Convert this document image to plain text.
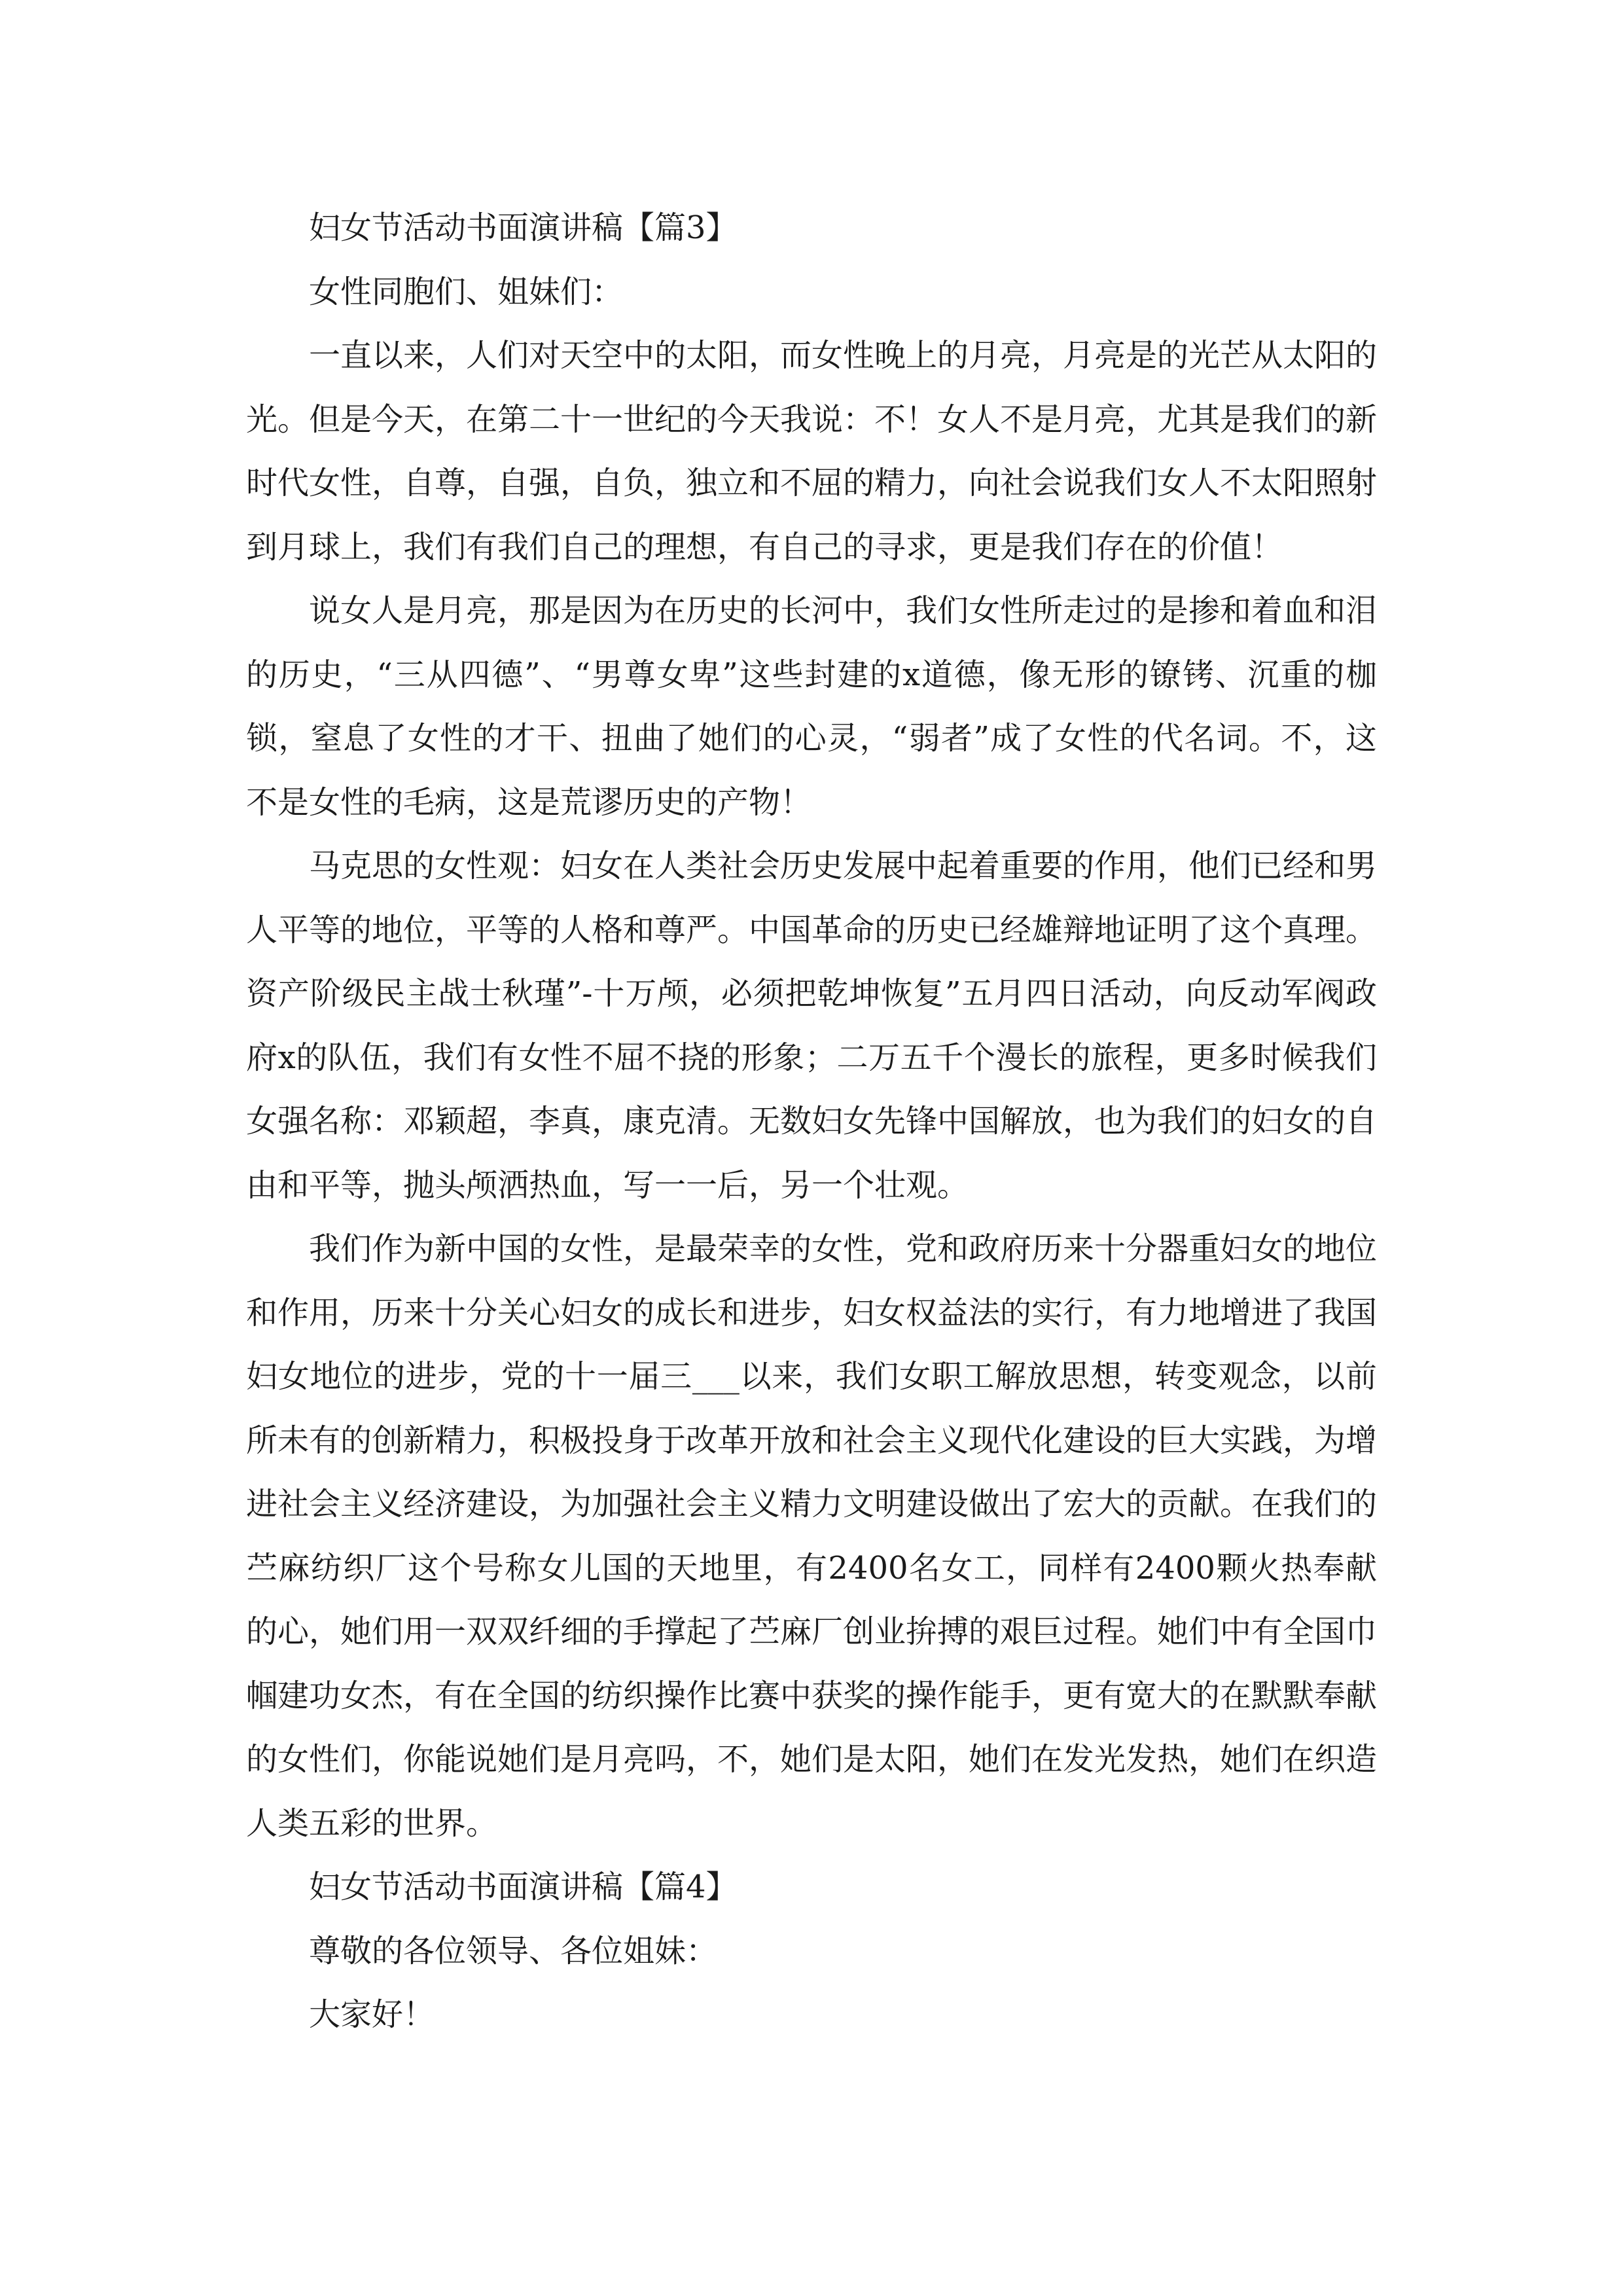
妇女节活动书面演讲稿【篇3】

女性同胞们、姐妹们：

一直以来，人们对天空中的太阳，而女性晚上的月亮，月亮是的光芒从太阳的光。但是今天，在第二十一世纪的今天我说：不！女人不是月亮，尤其是我们的新时代女性，自尊，自强，自负，独立和不屈的精力，向社会说我们女人不太阳照射到月球上，我们有我们自己的理想，有自己的寻求，更是我们存在的价值！

说女人是月亮，那是因为在历史的长河中，我们女性所走过的是掺和着血和泪的历史，“三从四德”、“男尊女卑”这些封建的x道德，像无形的镣铐、沉重的枷锁，窒息了女性的才干、扭曲了她们的心灵，“弱者”成了女性的代名词。不，这不是女性的毛病，这是荒谬历史的产物！

马克思的女性观：妇女在人类社会历史发展中起着重要的作用，他们已经和男人平等的地位，平等的人格和尊严。中国革命的历史已经雄辩地证明了这个真理。资产阶级民主战士秋瑾”-十万颅，必须把乾坤恢复”五月四日活动，向反动军阀政府x的队伍，我们有女性不屈不挠的形象；二万五千个漫长的旅程，更多时候我们女强名称：邓颖超，李真，康克清。无数妇女先锋中国解放，也为我们的妇女的自由和平等，抛头颅洒热血，写一一后，另一个壮观。

我们作为新中国的女性，是最荣幸的女性，党和政府历来十分器重妇女的地位和作用，历来十分关心妇女的成长和进步，妇女权益法的实行，有力地增进了我国妇女地位的进步，党的十一届三___以来，我们女职工解放思想，转变观念，以前所未有的创新精力，积极投身于改革开放和社会主义现代化建设的巨大实践，为增进社会主义经济建设，为加强社会主义精力文明建设做出了宏大的贡献。在我们的苎麻纺织厂这个号称女儿国的天地里，有2400名女工，同样有2400颗火热奉献的心，她们用一双双纤细的手撑起了苎麻厂创业拚搏的艰巨过程。她们中有全国巾帼建功女杰，有在全国的纺织操作比赛中获奖的操作能手，更有宽大的在默默奉献的女性们，你能说她们是月亮吗，不，她们是太阳，她们在发光发热，她们在织造人类五彩的世界。

妇女节活动书面演讲稿【篇4】

尊敬的各位领导、各位姐妹：

大家好！
